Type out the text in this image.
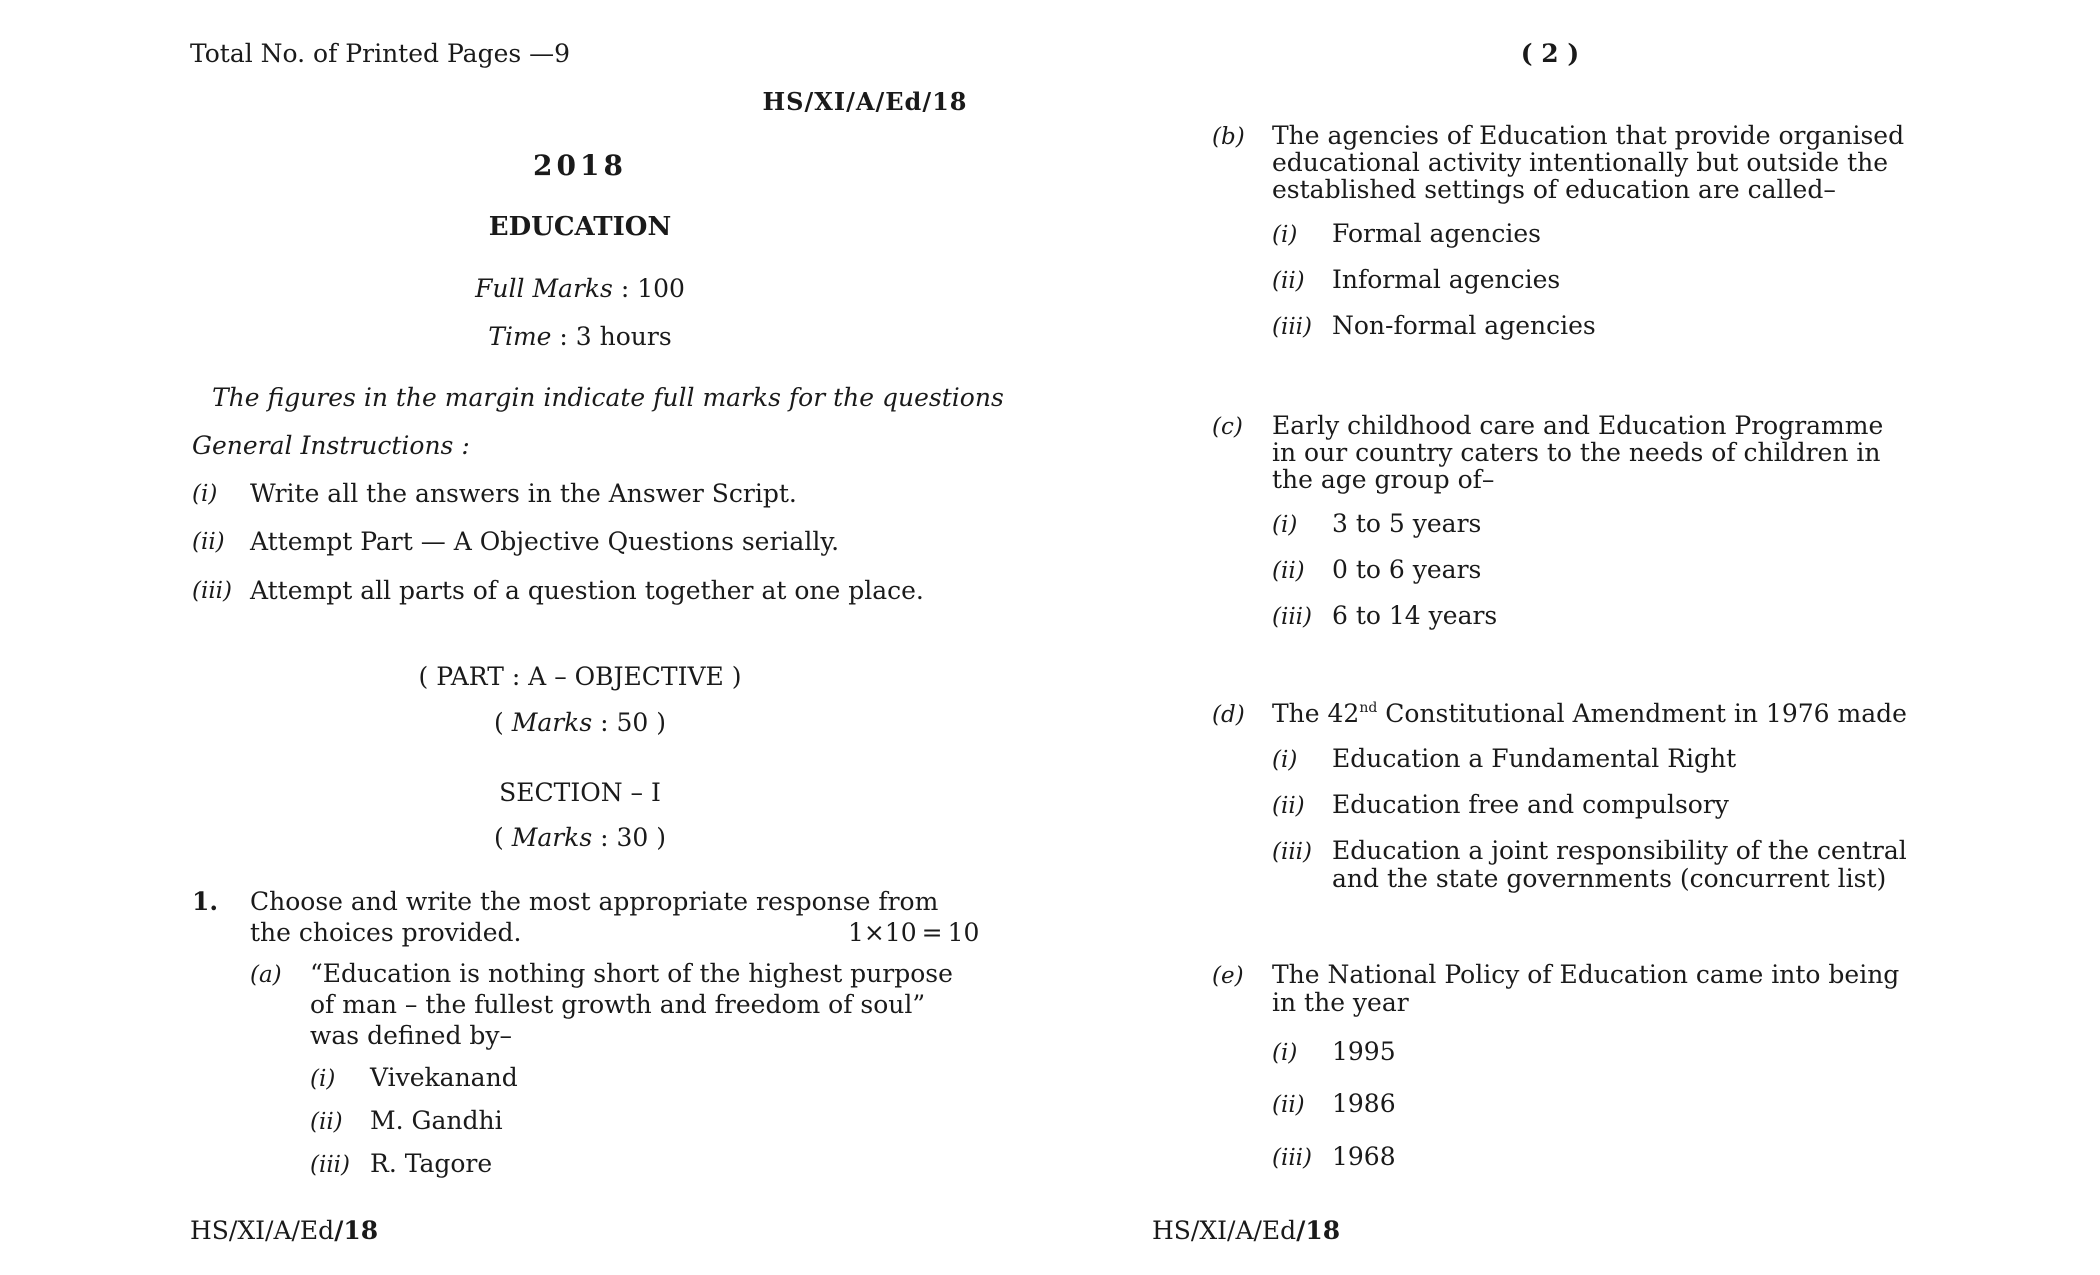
Total No. of Printed Pages —9
HS/XI/A/Ed/18
2018
EDUCATION
Full Marks : 100
Time : 3 hours
The figures in the margin indicate full marks for the questions
General Instructions :
(i) Write all the answers in the Answer Script.
(ii) Attempt Part — A Objective Questions serially.
(iii) Attempt all parts of a question together at one place.
( PART : A – OBJECTIVE )
( Marks : 50 )
SECTION – I
( Marks : 30 )
1. Choose and write the most appropriate response from
the choices provided.	1×10 = 10
(a) “Education is nothing short of the highest purpose
of man – the fullest growth and freedom of soul”
was defined by–
(i) Vivekanand
(ii) M. Gandhi
(iii) R. Tagore
HS/XI/A/Ed/18
( 2 )
(b) The agencies of Education that provide organised
educational activity intentionally but outside the
established settings of education are called–
(i) Formal agencies
(ii) Informal agencies
(iii) Non-formal agencies
(c) Early childhood care and Education Programme
in our country caters to the needs of children in
the age group of–
(i) 3 to 5 years
(ii) 0 to 6 years
(iii) 6 to 14 years
(d) The 42nd Constitutional Amendment in 1976 made
(i) Education a Fundamental Right
(ii) Education free and compulsory
(iii) Education a joint responsibility of the central
and the state governments (concurrent list)
(e) The National Policy of Education came into being
in the year
(i) 1995
(ii) 1986
(iii) 1968
HS/XI/A/Ed/18
